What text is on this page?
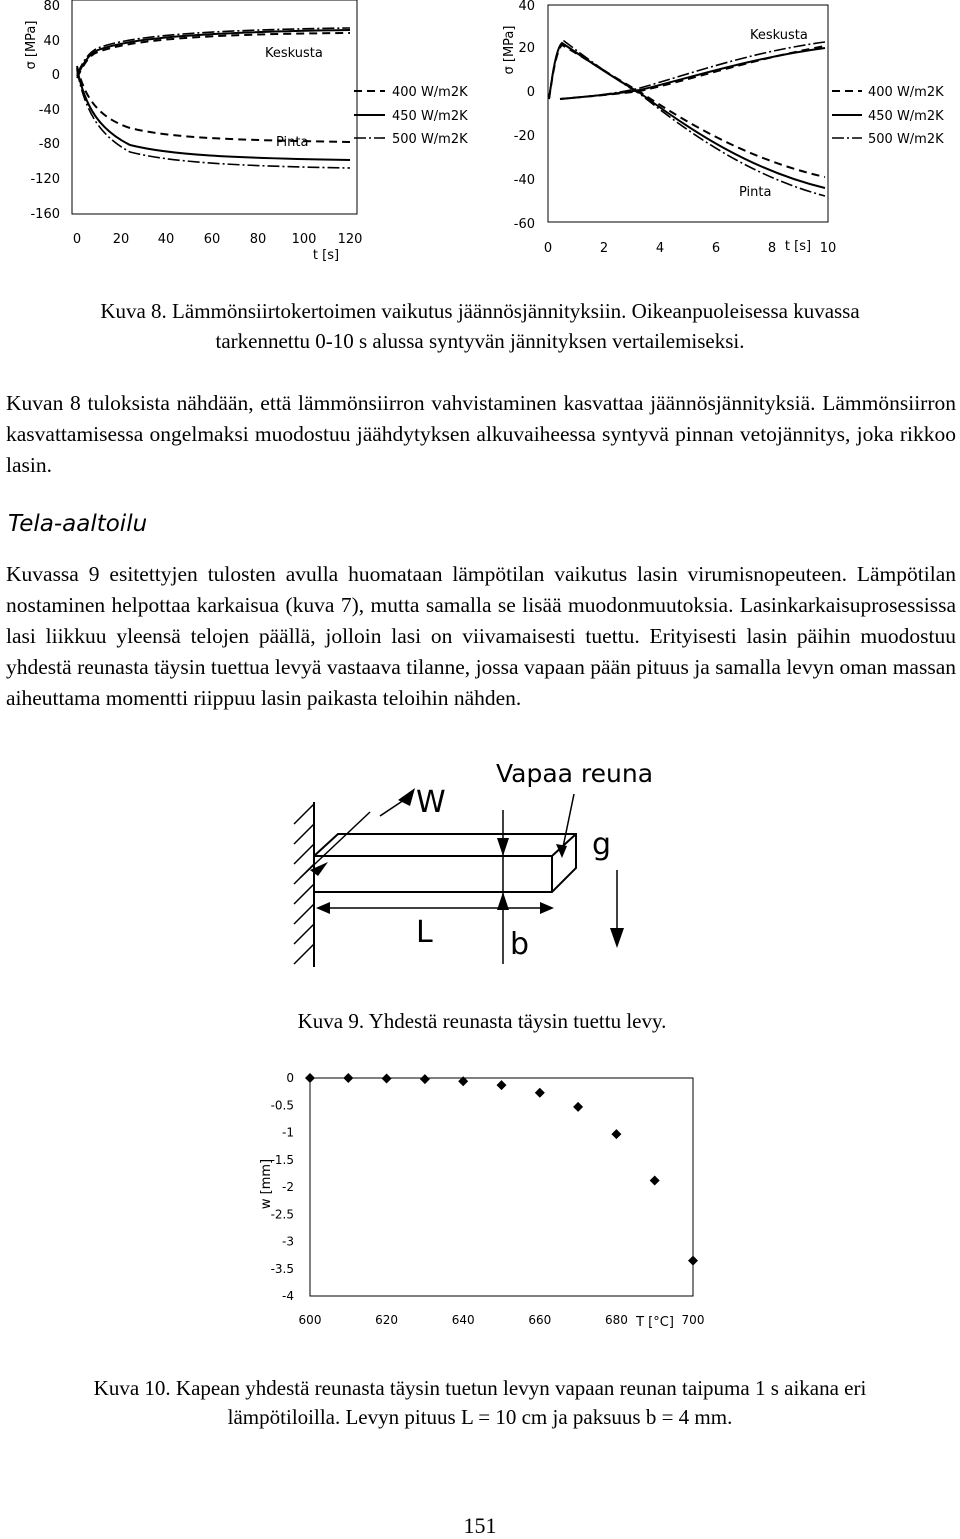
σ [MPa]
80
40
0
-40
-80
-120
-160
0 20 40 60 80 100 120
t [s]
Keskusta
Pinta
400 W/m2K
450 W/m2K
500 W/m2K
σ [MPa]
40
20
0
-20
-40
-60
0	2	4	6	8	10
t [s]
Keskusta
Pinta
400 W/m2K
450 W/m2K
500 W/m2K
Kuva 8. Lämmönsiirtokertoimen vaikutus jäännösjännityksiin. Oikeanpuoleisessa kuvassa
tarkennettu 0-10 s alussa syntyvän jännityksen vertailemiseksi.

Kuvan 8 tuloksista nähdään, että lämmönsiirron vahvistaminen kasvattaa jäännösjännityksiä. Lämmönsiirron kasvattamisessa ongelmaksi muodostuu jäähdytyksen alkuvaiheessa syntyvä pinnan vetojännitys, joka rikkoo lasin.

Tela-aaltoilu

Kuvassa 9 esitettyjen tulosten avulla huomataan lämpötilan vaikutus lasin virumisnopeuteen. Lämpötilan nostaminen helpottaa karkaisua (kuva 7), mutta samalla se lisää muodonmuutoksia. Lasinkarkaisuprosessissa lasi liikkuu yleensä telojen päällä, jolloin lasi on viivamaisesti tuettu. Erityisesti lasin päihin muodostuu yhdestä reunasta täysin tuettua levyä vastaava tilanne, jossa vapaan pään pituus ja samalla levyn oman massan aiheuttama momentti riippuu lasin paikasta teloihin nähden.

W
Vapaa reuna
g
L	b
Kuva 9. Yhdestä reunasta täysin tuettu levy.
w [mm]
T [°C]
0
-0.5
-1
-1.5
-2
-2.5
-3
-3.5
-4
600	620	640	660	680	700
Kuva 10. Kapean yhdestä reunasta täysin tuetun levyn vapaan reunan taipuma 1 s aikana eri
lämpötiloilla. Levyn pituus L = 10 cm ja paksuus b = 4 mm.
151
